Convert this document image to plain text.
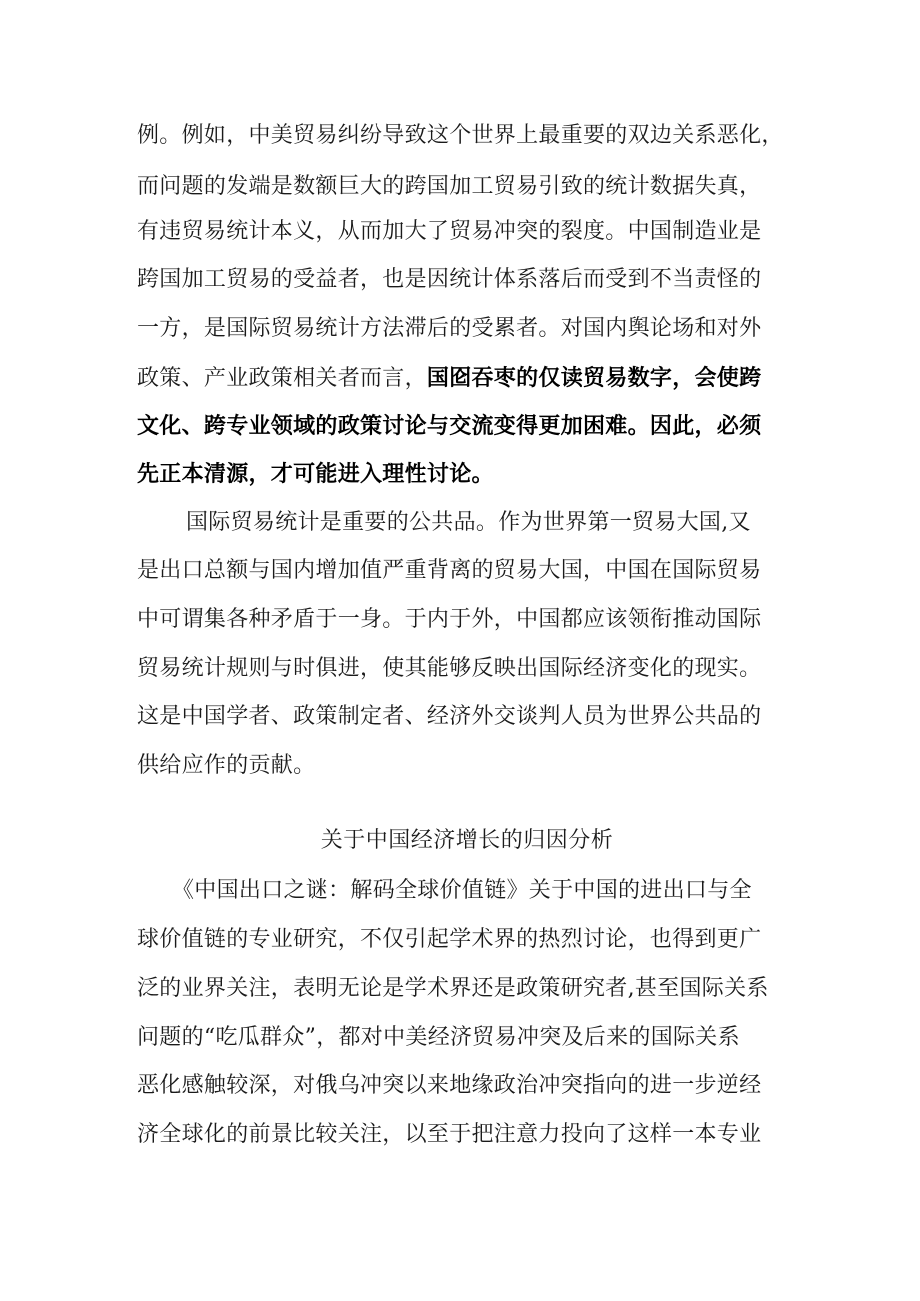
例。例如，中美贸易纠纷导致这个世界上最重要的双边关系恶化，
而问题的发端是数额巨大的跨国加工贸易引致的统计数据失真，
有违贸易统计本义，从而加大了贸易冲突的裂度。中国制造业是
跨国加工贸易的受益者，也是因统计体系落后而受到不当责怪的
一方，是国际贸易统计方法滞后的受累者。对国内舆论场和对外
政策、产业政策相关者而言，国囵吞枣的仅读贸易数字，会使跨
文化、跨专业领域的政策讨论与交流变得更加困难。因此，必须
先正本清源，才可能进入理性讨论。
国际贸易统计是重要的公共品。作为世界第一贸易大国,又
是出口总额与国内增加值严重背离的贸易大国，中国在国际贸易
中可谓集各种矛盾于一身。于内于外，中国都应该领衔推动国际
贸易统计规则与时俱进，使其能够反映出国际经济变化的现实。
这是中国学者、政策制定者、经济外交谈判人员为世界公共品的
供给应作的贡献。
关于中国经济增长的归因分析
《中国出口之谜：解码全球价值链》关于中国的进出口与全
球价值链的专业研究，不仅引起学术界的热烈讨论，也得到更广
泛的业界关注，表明无论是学术界还是政策研究者,甚至国际关系
问题的“吃瓜群众”，都对中美经济贸易冲突及后来的国际关系
恶化感触较深，对俄乌冲突以来地缘政治冲突指向的进一步逆经
济全球化的前景比较关注，以至于把注意力投向了这样一本专业
